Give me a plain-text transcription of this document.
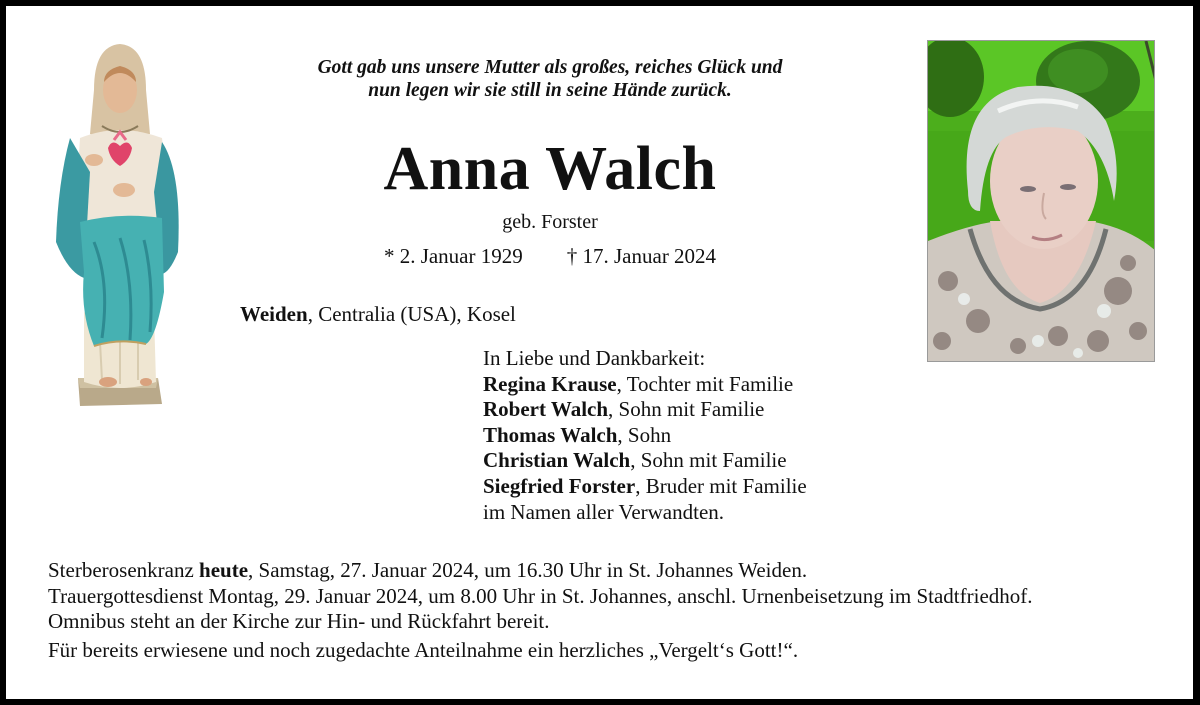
Gott gab uns unsere Mutter als großes, reiches Glück und
nun legen wir sie still in seine Hände zurück.
Anna Walch
geb. Forster
* 2. Januar 1929 † 17. Januar 2024
Weiden, Centralia (USA), Kosel
In Liebe und Dankbarkeit:
Regina Krause, Tochter mit Familie
Robert Walch, Sohn mit Familie
Thomas Walch, Sohn
Christian Walch, Sohn mit Familie
Siegfried Forster, Bruder mit Familie
im Namen aller Verwandten.
Sterberosenkranz heute, Samstag, 27. Januar 2024, um 16.30 Uhr in St. Johannes Weiden.
Trauergottesdienst Montag, 29. Januar 2024, um 8.00 Uhr in St. Johannes, anschl. Urnenbeisetzung im Stadtfriedhof.
Omnibus steht an der Kirche zur Hin- und Rückfahrt bereit.
Für bereits erwiesene und noch zugedachte Anteilnahme ein herzliches „Vergelt‘s Gott!“.
